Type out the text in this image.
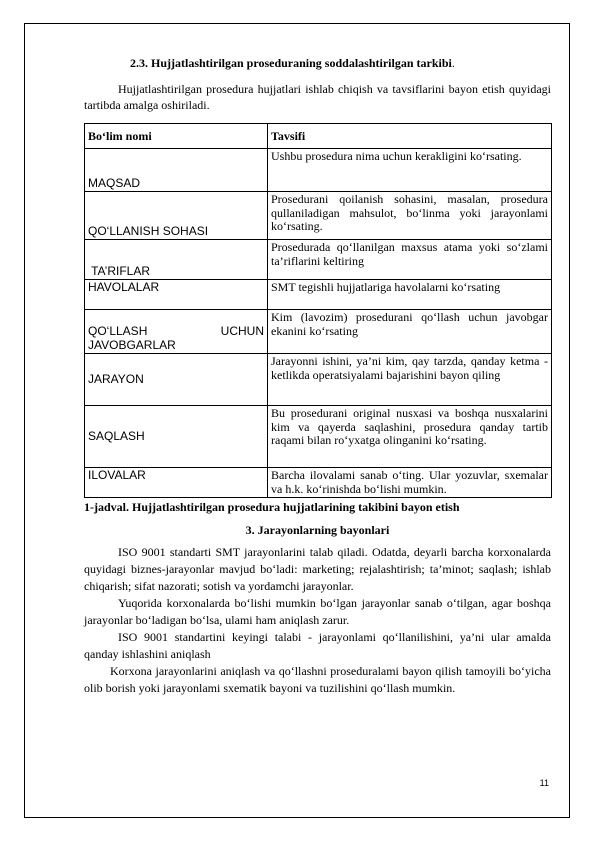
2.3. Hujjatlashtirilgan proseduraning soddalashtirilgan tarkibi.

Hujjatlashtirilgan prosedura hujjatlari ishlab chiqish va tavsiflarini bayon etish quyidagi tartibda amalga oshiriladi.

Bo‘lim nomi	Tavsifi
MAQSAD	Ushbu prosedura nima uchun kerakligini ko‘rsating.
QO‘LLANISH SOHASI	Prosedurani qoilanish sohasini, masalan, prosedura qullaniladigan mahsulot, bo‘linma yoki jarayonlami ko‘rsating.
TA’RIFLAR	Prosedurada qo‘llanilgan maxsus atama yoki so‘zlami ta’riflarini keltiring
HAVOLALAR	SMT tegishli hujjatlariga havolalarni ko‘rsating
QO‘LLASH UCHUN JAVOBGARLAR	Kim (lavozim) prosedurani qo‘llash uchun javobgar ekanini ko‘rsating
JARAYON	Jarayonni ishini, ya’ni kim, qay tarzda, qanday ketma - ketlikda operatsiyalami bajarishini bayon qiling
SAQLASH	Bu prosedurani original nusxasi va boshqa nusxalarini kim va qayerda saqlashini, prosedura qanday tartib raqami bilan ro‘yxatga olinganini ko‘rsating.
ILOVALAR	Barcha ilovalami sanab o‘ting. Ular yozuvlar, sxemalar va h.k. ko‘rinishda bo‘lishi mumkin.

1-jadval. Hujjatlashtirilgan prosedura hujjatlarining takibini bayon etish

3. Jarayonlarning bayonlari

ISO 9001 standarti SMT jarayonlarini talab qiladi. Odatda, deyarli barcha korxonalarda quyidagi biznes-jarayonlar mavjud bo‘ladi: marketing; rejalashtirish; ta’minot; saqlash; ishlab chiqarish; sifat nazorati; sotish va yordamchi jarayonlar.

Yuqorida korxonalarda bo‘lishi mumkin bo‘lgan jarayonlar sanab o‘tilgan, agar boshqa jarayonlar bo‘ladigan bo‘lsa, ulami ham aniqlash zarur.

ISO 9001 standartini keyingi talabi - jarayonlami qo‘llanilishini, ya’ni ular amalda qanday ishlashini aniqlash

Korxona jarayonlarini aniqlash va qo‘llashni proseduralami bayon qilish tamoyili bo‘yicha olib borish yoki jarayonlami sxematik bayoni va tuzilishini qo‘llash mumkin.

11
